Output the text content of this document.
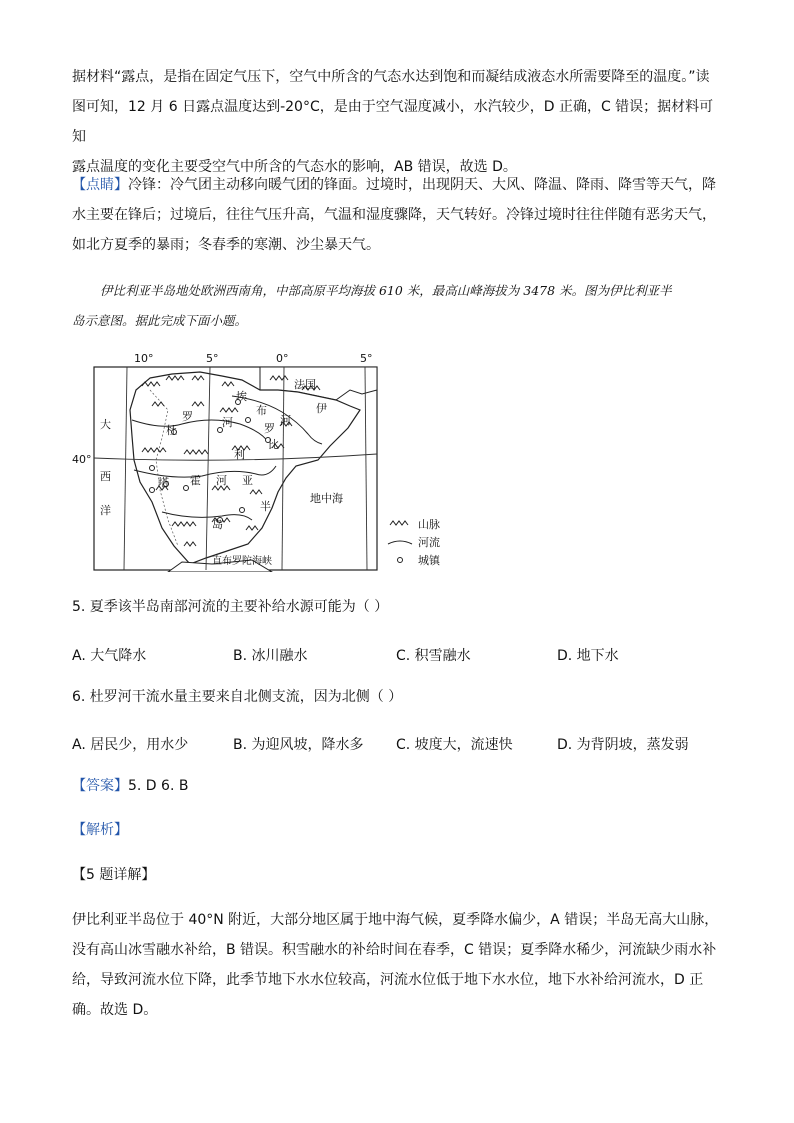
据材料“露点，是指在固定气压下，空气中所含的气态水达到饱和而凝结成液态水所需要降至的温度。”读
图可知，12 月 6 日露点温度达到-20°C，是由于空气湿度减小，水汽较少，D 正确，C 错误；据材料可知
露点温度的变化主要受空气中所含的气态水的影响，AB 错误，故选 D。
【点睛】冷锋：冷气团主动移向暖气团的锋面。过境时，出现阴天、大风、降温、降雨、降雪等天气，降
水主要在锋后；过境后，往往气压升高，气温和湿度骤降，天气转好。冷锋过境时往往伴随有恶劣天气，
如北方夏季的暴雨；冬春季的寒潮、沙尘暴天气。
伊比利亚半岛地处欧洲西南角，中部高原平均海拔 610 米，最高山峰海拔为 3478 米。图为伊比利亚半
岛示意图。据此完成下面小题。
10°	5°	0°	5°
40°
大
西
洋
法国
埃
布
罗
河
伊
比
利
亚
半
岛
杜
罗	河
塔 霍 河
地中海
直布罗陀海峡
山脉
河流
城镇
5. 夏季该半岛南部河流的主要补给水源可能为（ ）
A. 大气降水	B. 冰川融水	C. 积雪融水	D. 地下水
6. 杜罗河干流水量主要来自北侧支流，因为北侧（ ）
A. 居民少，用水少	B. 为迎风坡，降水多 C. 坡度大，流速快	D. 为背阴坡，蒸发弱
【答案】5. D 6. B
【解析】
【5 题详解】
伊比利亚半岛位于 40°N 附近，大部分地区属于地中海气候，夏季降水偏少，A 错误；半岛无高大山脉，
没有高山冰雪融水补给，B 错误。积雪融水的补给时间在春季，C 错误；夏季降水稀少，河流缺少雨水补
给，导致河流水位下降，此季节地下水水位较高，河流水位低于地下水水位，地下水补给河流水，D 正
确。故选 D。
